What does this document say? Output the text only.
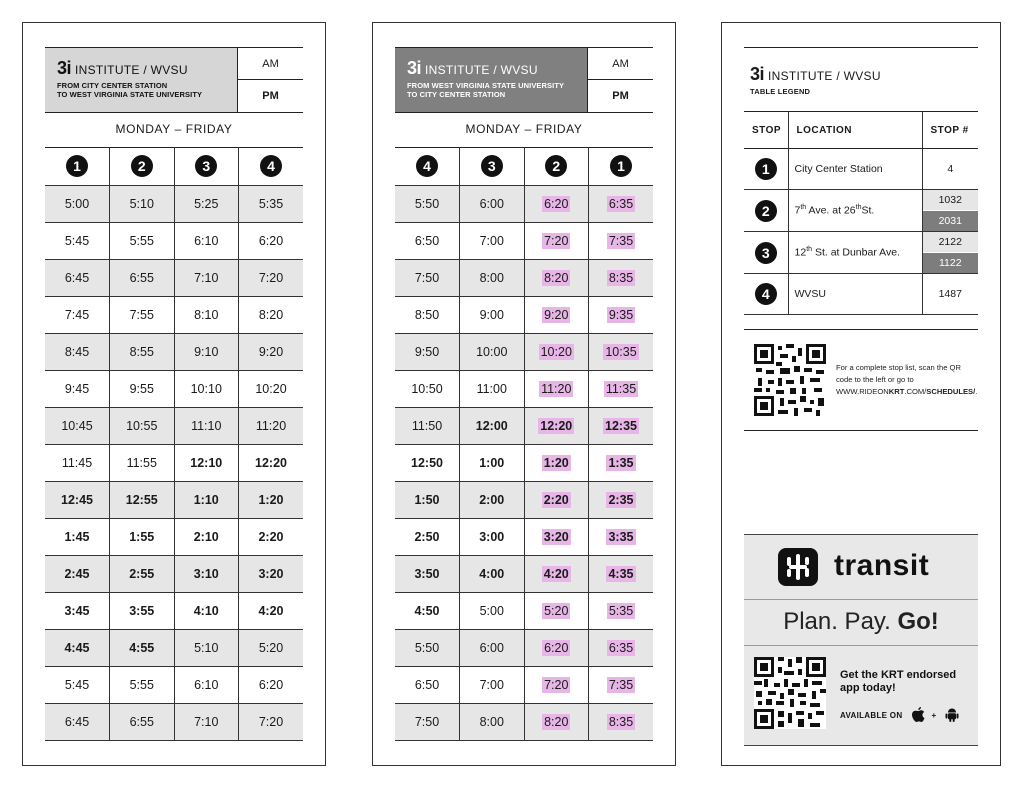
3i INSTITUTE / WVSU
FROM CITY CENTER STATION
TO WEST VIRGINIA STATE UNIVERSITY
AM
PM
MONDAY – FRIDAY
1	2	3	4
5:00	5:10	5:25	5:35
5:45	5:55	6:10	6:20
6:45	6:55	7:10	7:20
7:45	7:55	8:10	8:20
8:45	8:55	9:10	9:20
9:45	9:55	10:10	10:20
10:45	10:55	11:10	11:20
11:45	11:55	12:10	12:20
12:45	12:55	1:10	1:20
1:45	1:55	2:10	2:20
2:45	2:55	3:10	3:20
3:45	3:55	4:10	4:20
4:45	4:55	5:10	5:20
5:45	5:55	6:10	6:20
6:45	6:55	7:10	7:20
3i INSTITUTE / WVSU
FROM WEST VIRGINIA STATE UNIVERSITY
TO CITY CENTER STATION
AM
PM
MONDAY – FRIDAY
4	3	2	1
5:50	6:00	6:20	6:35
6:50	7:00	7:20	7:35
7:50	8:00	8:20	8:35
8:50	9:00	9:20	9:35
9:50	10:00	10:20	10:35
10:50	11:00	11:20	11:35
11:50	12:00	12:20	12:35
12:50	1:00	1:20	1:35
1:50	2:00	2:20	2:35
2:50	3:00	3:20	3:35
3:50	4:00	4:20	4:35
4:50	5:00	5:20	5:35
5:50	6:00	6:20	6:35
6:50	7:00	7:20	7:35
7:50	8:00	8:20	8:35
3i INSTITUTE / WVSU
TABLE LEGEND
STOP	LOCATION	STOP #
1	City Center Station	4

2	7th Ave. at 26thSt.	1032
2031

3	12th St. at Dunbar Ave.	2122
1122

4	WVSU	1487
For a complete stop list, scan the QR code to the left or go to WWW.RIDEONKRT.COM/SCHEDULES/.
transit
Plan. Pay. Go!
Get the KRT endorsed app today!
AVAILABLE ON	+
